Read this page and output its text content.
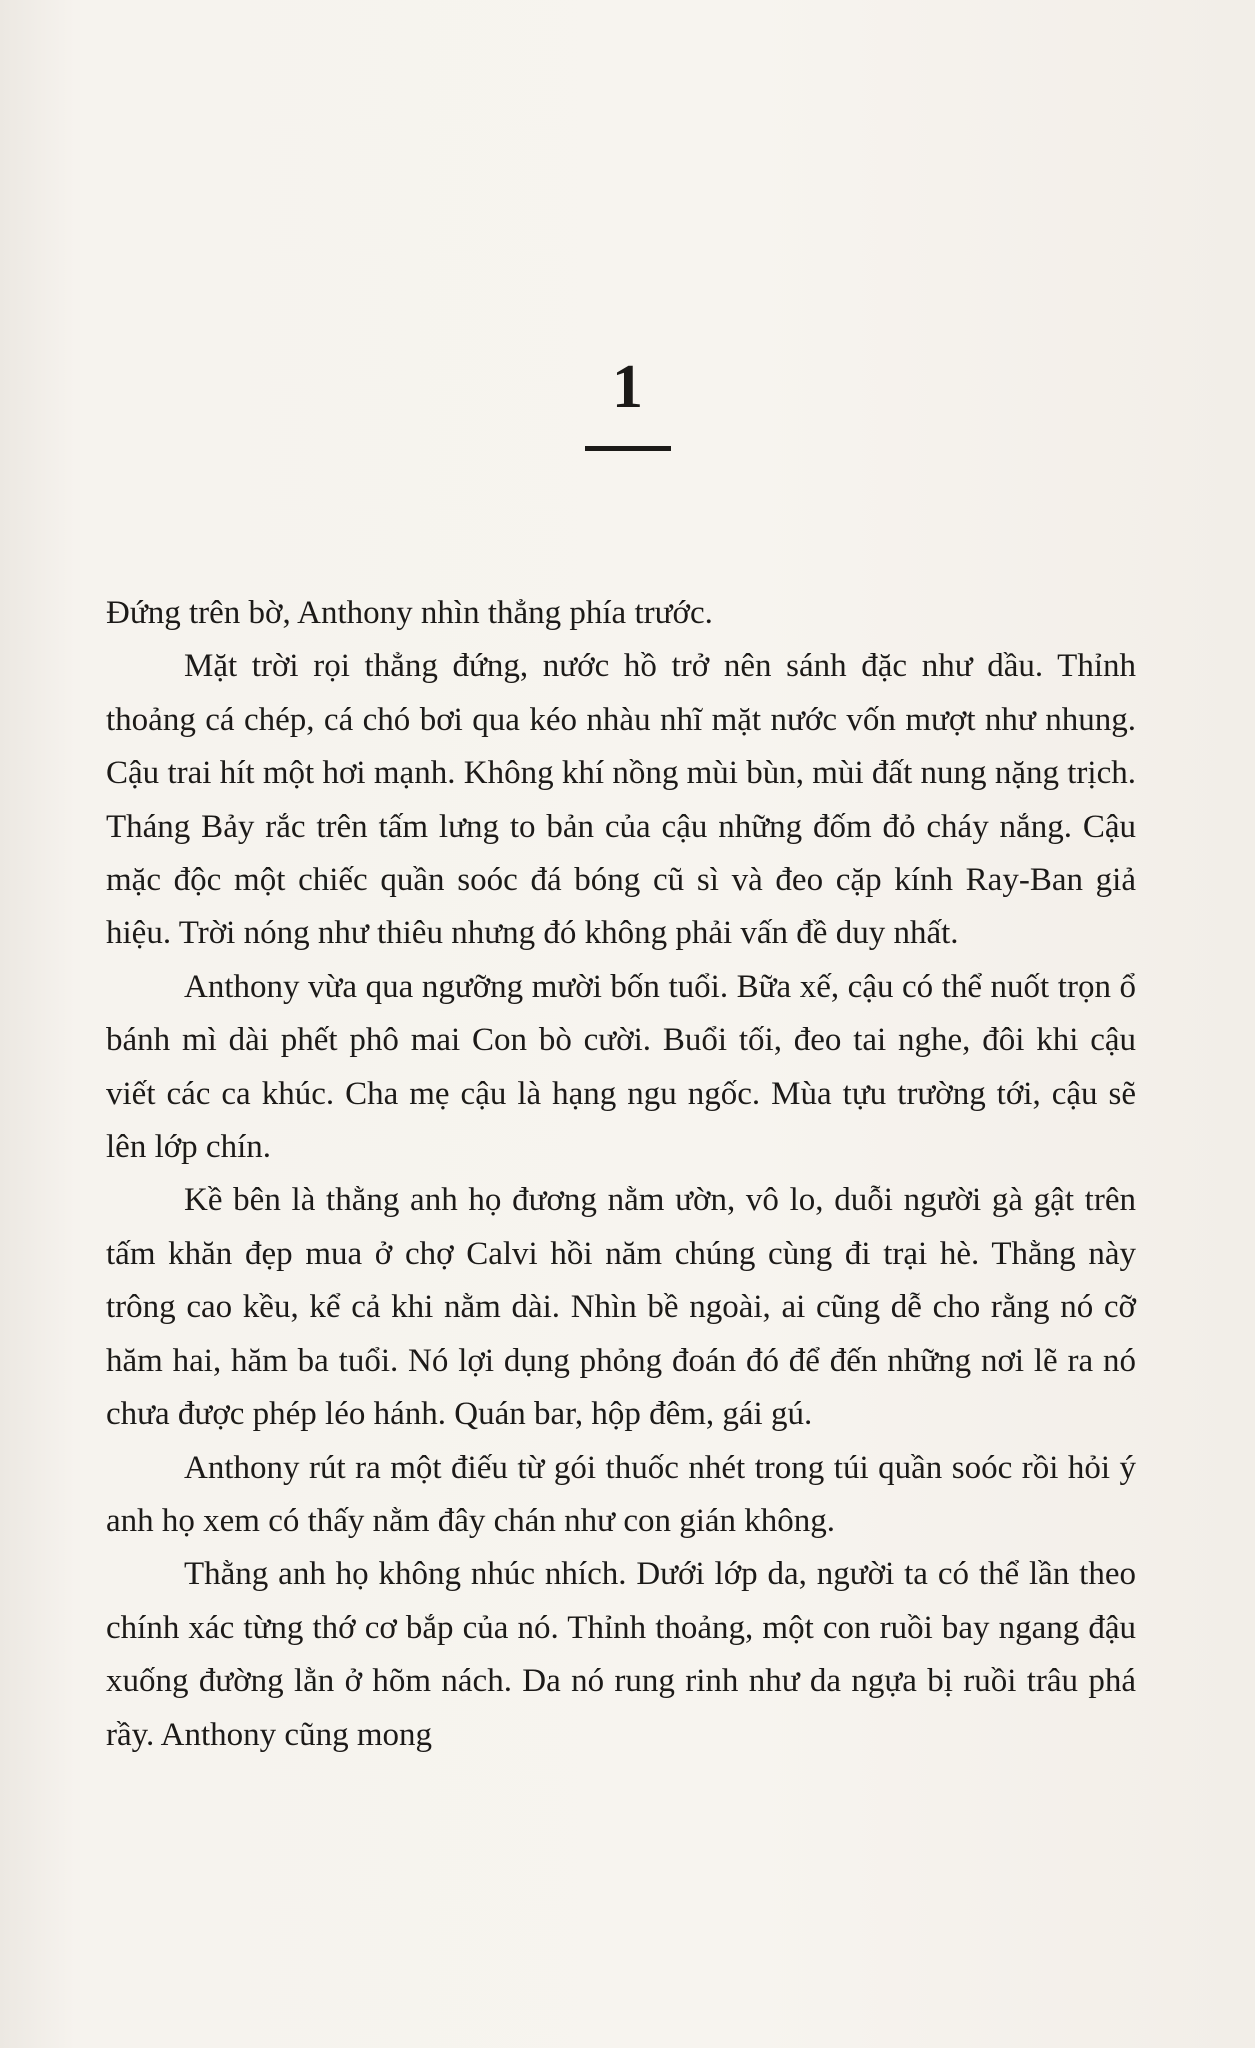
1

Đứng trên bờ, Anthony nhìn thẳng phía trước.

Mặt trời rọi thẳng đứng, nước hồ trở nên sánh đặc như dầu. Thỉnh thoảng cá chép, cá chó bơi qua kéo nhàu nhĩ mặt nước vốn mượt như nhung. Cậu trai hít một hơi mạnh. Không khí nồng mùi bùn, mùi đất nung nặng trịch. Tháng Bảy rắc trên tấm lưng to bản của cậu những đốm đỏ cháy nắng. Cậu mặc độc một chiếc quần soóc đá bóng cũ sì và đeo cặp kính Ray-Ban giả hiệu. Trời nóng như thiêu nhưng đó không phải vấn đề duy nhất.

Anthony vừa qua ngưỡng mười bốn tuổi. Bữa xế, cậu có thể nuốt trọn ổ bánh mì dài phết phô mai Con bò cười. Buổi tối, đeo tai nghe, đôi khi cậu viết các ca khúc. Cha mẹ cậu là hạng ngu ngốc. Mùa tựu trường tới, cậu sẽ lên lớp chín.

Kề bên là thằng anh họ đương nằm ườn, vô lo, duỗi người gà gật trên tấm khăn đẹp mua ở chợ Calvi hồi năm chúng cùng đi trại hè. Thằng này trông cao kều, kể cả khi nằm dài. Nhìn bề ngoài, ai cũng dễ cho rằng nó cỡ hăm hai, hăm ba tuổi. Nó lợi dụng phỏng đoán đó để đến những nơi lẽ ra nó chưa được phép léo hánh. Quán bar, hộp đêm, gái gú.

Anthony rút ra một điếu từ gói thuốc nhét trong túi quần soóc rồi hỏi ý anh họ xem có thấy nằm đây chán như con gián không.

Thằng anh họ không nhúc nhích. Dưới lớp da, người ta có thể lần theo chính xác từng thớ cơ bắp của nó. Thỉnh thoảng, một con ruồi bay ngang đậu xuống đường lằn ở hõm nách. Da nó rung rinh như da ngựa bị ruồi trâu phá rầy. Anthony cũng mong
